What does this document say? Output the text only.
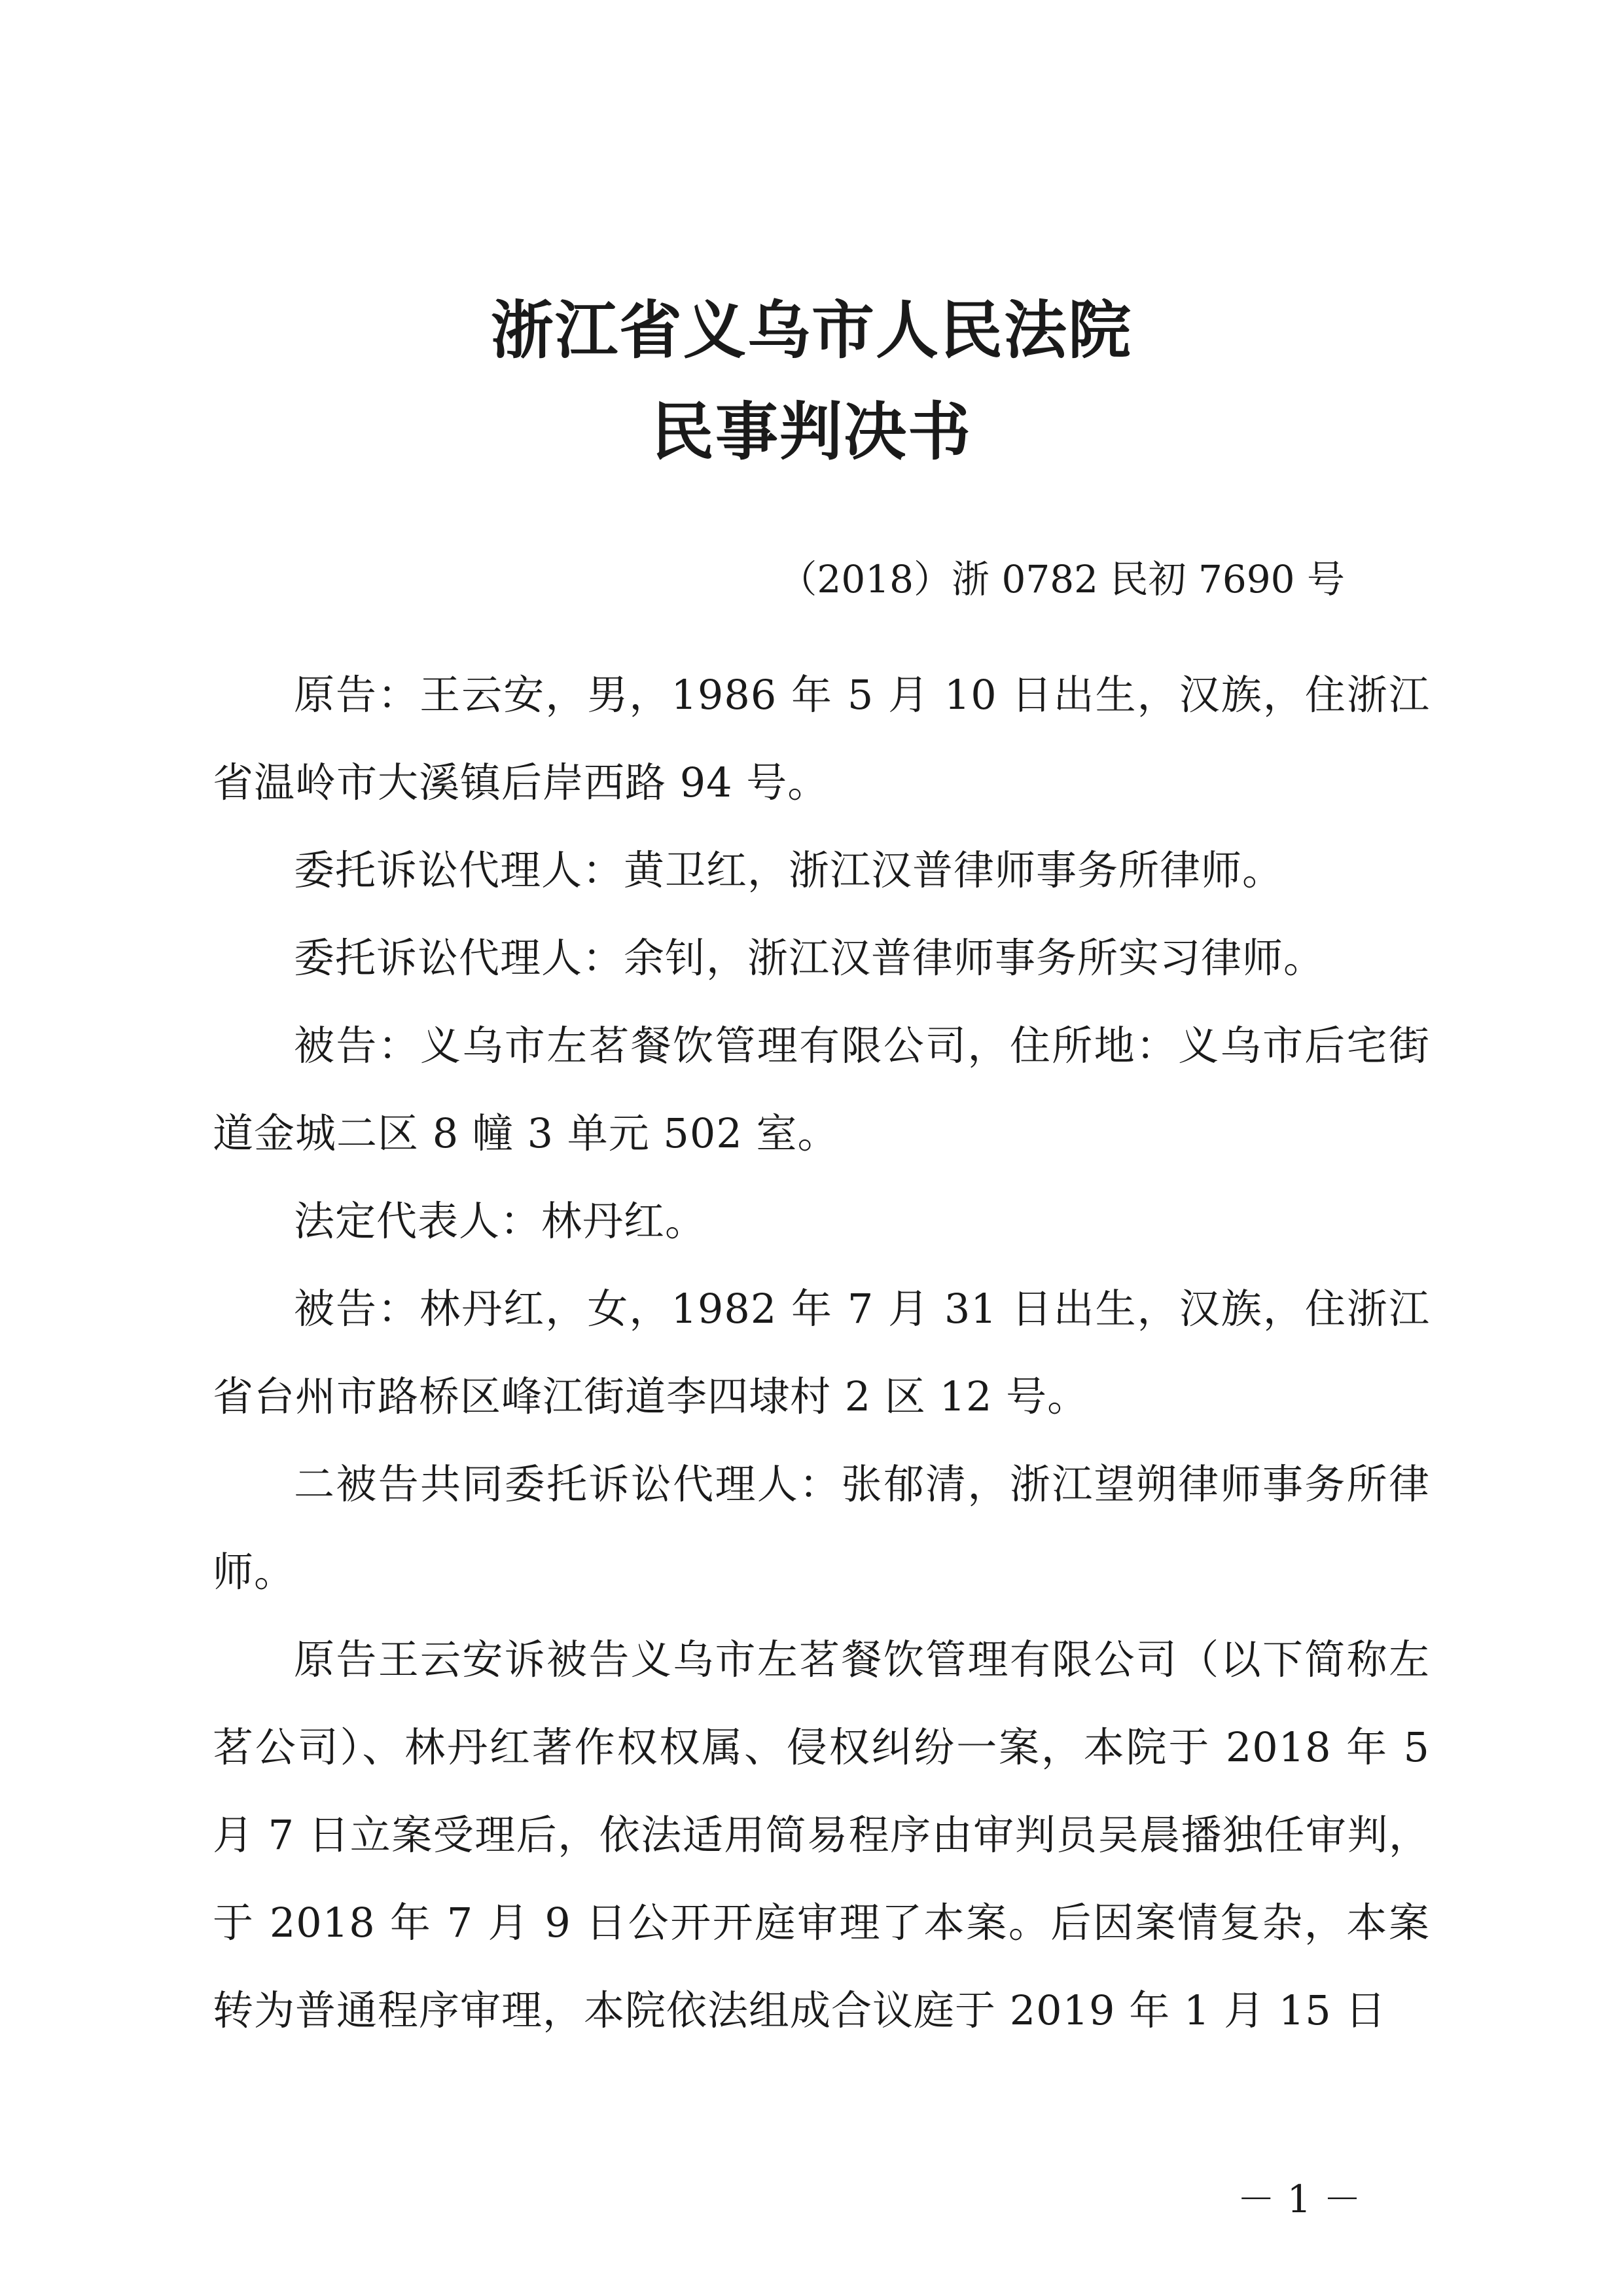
浙江省义乌市人民法院
民事判决书
（2018）浙 0782 民初 7690 号

原告：王云安，男，1986 年 5 月 10 日出生，汉族，住浙江省温岭市大溪镇后岸西路 94 号。

委托诉讼代理人：黄卫红，浙江汉普律师事务所律师。

委托诉讼代理人：余钊，浙江汉普律师事务所实习律师。

被告：义乌市左茗餐饮管理有限公司，住所地：义乌市后宅街道金城二区 8 幢 3 单元 502 室。

法定代表人：林丹红。

被告：林丹红，女，1982 年 7 月 31 日出生，汉族，住浙江省台州市路桥区峰江街道李四埭村 2 区 12 号。

二被告共同委托诉讼代理人：张郁清，浙江望朔律师事务所律师。

原告王云安诉被告义乌市左茗餐饮管理有限公司（以下简称左茗公司）、林丹红著作权权属、侵权纠纷一案，本院于 2018 年 5 月 7 日立案受理后，依法适用简易程序由审判员吴晨播独任审判，于 2018 年 7 月 9 日公开开庭审理了本案。后因案情复杂，本案转为普通程序审理，本院依法组成合议庭于 2019 年 1 月 15 日

－ 1 －
